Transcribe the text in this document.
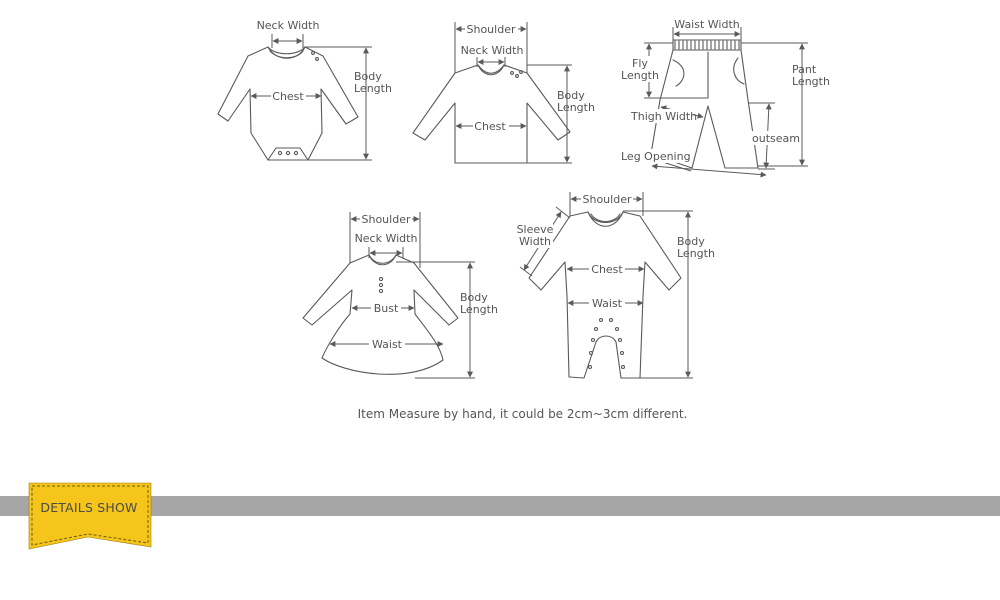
Neck Width
Chest
Body Length
Shoulder
Neck Width
Chest
Body Length
Waist Width
Fly Length	Pant Length
Thigh Width
outseam
Leg Opening
Shoulder
Neck Width
Bust
Waist
Body Length
Shoulder
Sleeve Width
Chest
Waist
Body Length
Item Measure by hand, it could be 2cm~3cm different.
DETAILS SHOW
